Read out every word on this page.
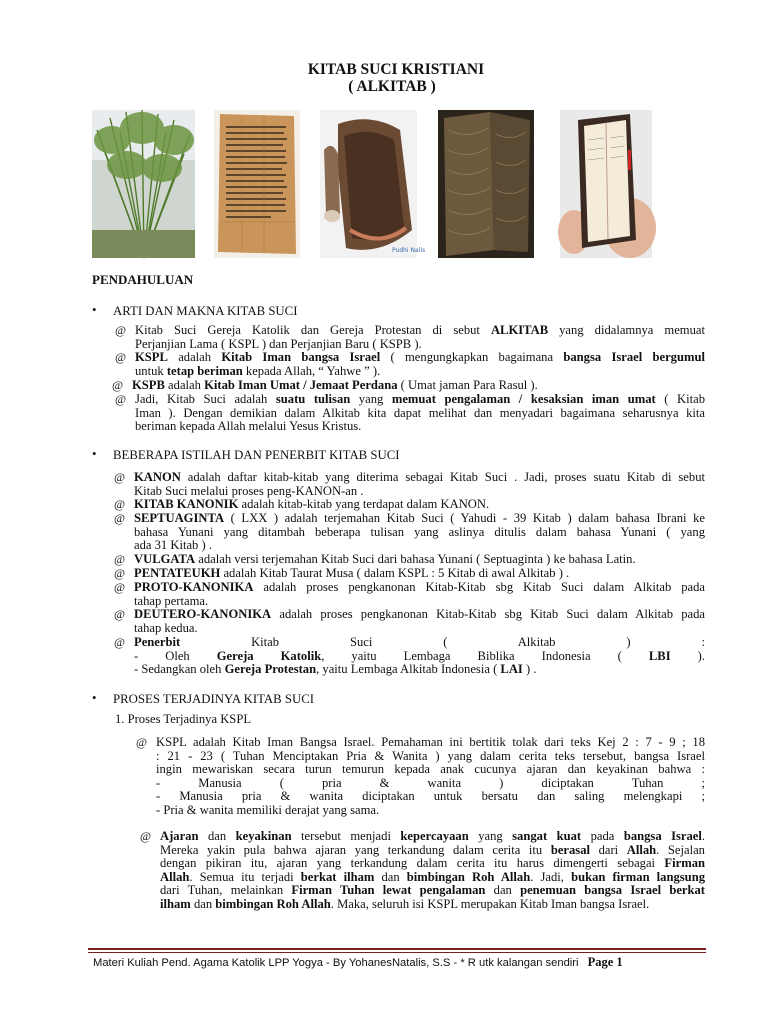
KITAB SUCI KRISTIANI
( ALKITAB )
Pudhi Nalis
PENDAHULUAN
• ARTI DAN MAKNA KITAB SUCI
• BEBERAPA ISTILAH DAN PENERBIT KITAB SUCI
• PROSES TERJADINYA KITAB SUCI
1. Proses Terjadinya KSPL
@ Kitab Suci Gereja Katolik dan Gereja Protestan di sebut ALKITAB yang didalamnya memuat
Perjanjian Lama ( KSPL ) dan Perjanjian Baru ( KSPB ).
@ KSPL adalah Kitab Iman bangsa Israel ( mengungkapkan bagaimana bangsa Israel bergumul
untuk tetap beriman kepada Allah, “ Yahwe ” ).
@ KSPB adalah Kitab Iman Umat / Jemaat Perdana ( Umat jaman Para Rasul ).
@ Jadi, Kitab Suci adalah suatu tulisan yang memuat pengalaman / kesaksian iman umat ( Kitab
Iman ). Dengan demikian dalam Alkitab kita dapat melihat dan menyadari bagaimana seharusnya kita
beriman kepada Allah melalui Yesus Kristus.
@ KANON adalah daftar kitab-kitab yang diterima sebagai Kitab Suci . Jadi, proses suatu Kitab di sebut
Kitab Suci melalui proses peng-KANON-an .
@ KITAB KANONIK adalah kitab-kitab yang terdapat dalam KANON.
@ SEPTUAGINTA ( LXX ) adalah terjemahan Kitab Suci ( Yahudi - 39 Kitab ) dalam bahasa Ibrani ke
bahasa Yunani yang ditambah beberapa tulisan yang aslinya ditulis dalam bahasa Yunani ( yang
ada 31 Kitab ) .
@ VULGATA adalah versi terjemahan Kitab Suci dari bahasa Yunani ( Septuaginta ) ke bahasa Latin.
@ PENTATEUKH adalah Kitab Taurat Musa ( dalam KSPL : 5 Kitab di awal Alkitab ) .
@ PROTO-KANONIKA adalah proses pengkanonan Kitab-Kitab sbg Kitab Suci dalam Alkitab pada
tahap pertama.
@ DEUTERO-KANONIKA adalah proses pengkanonan Kitab-Kitab sbg Kitab Suci dalam Alkitab pada
tahap kedua.
@ Penerbit Kitab Suci ( Alkitab ) :
- Oleh Gereja Katolik, yaitu Lembaga Biblika Indonesia ( LBI ).
- Sedangkan oleh Gereja Protestan, yaitu Lembaga Alkitab Indonesia ( LAI ) .
@ KSPL adalah Kitab Iman Bangsa Israel. Pemahaman ini bertitik tolak dari teks Kej 2 : 7 - 9 ; 18
: 21 - 23 ( Tuhan Menciptakan Pria & Wanita ) yang dalam cerita teks tersebut, bangsa Israel
ingin mewariskan secara turun temurun kepada anak cucunya ajaran dan keyakinan bahwa :
- Manusia ( pria & wanita ) diciptakan Tuhan ;
- Manusia pria & wanita diciptakan untuk bersatu dan saling melengkapi ;
- Pria & wanita memiliki derajat yang sama.
@ Ajaran dan keyakinan tersebut menjadi kepercayaan yang sangat kuat pada bangsa Israel.
Mereka yakin pula bahwa ajaran yang terkandung dalam cerita itu berasal dari Allah. Sejalan
dengan pikiran itu, ajaran yang terkandung dalam cerita itu harus dimengerti sebagai Firman
Allah. Semua itu terjadi berkat ilham dan bimbingan Roh Allah. Jadi, bukan firman langsung
dari Tuhan, melainkan Firman Tuhan lewat pengalaman dan penemuan bangsa Israel berkat
ilham dan bimbingan Roh Allah. Maka, seluruh isi KSPL merupakan Kitab Iman bangsa Israel.
Materi Kuliah Pend. Agama Katolik LPP Yogya - By YohanesNatalis, S.S - * R utk kalangan sendiri Page 1
